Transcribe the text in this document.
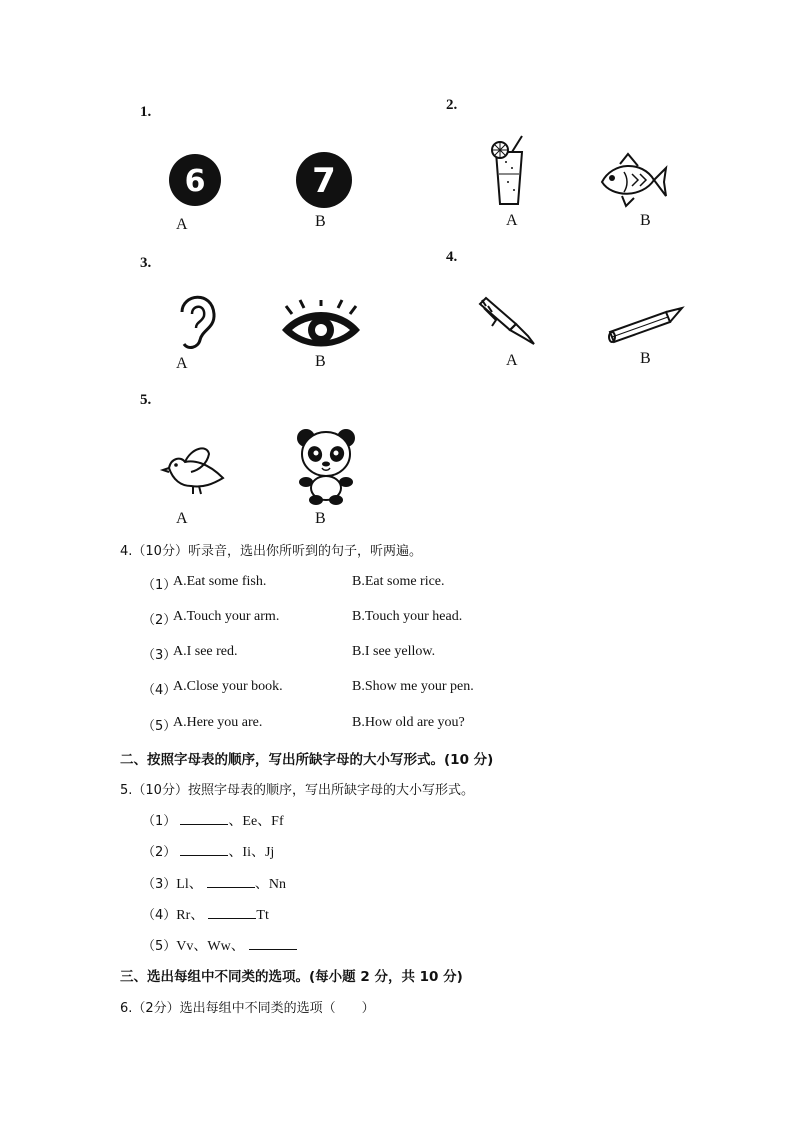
1.
6
A
7
B
2.
A	B
3.
A	B
4.
A	B
5.
A	B
4.（10分）听录音，选出你所听到的句子，听两遍。
（1）
A.Eat some fish.	B.Eat some rice.
（2）
A.Touch your arm.	B.Touch your head.
（3）
A.I see red.	B.I see yellow.
（4）
A.Close your book.	B.Show me your pen.
（5）
A.Here you are.	B.How old are you?
二、按照字母表的顺序，写出所缺字母的大小写形式。(10 分)
5.（10分）按照字母表的顺序，写出所缺字母的大小写形式。
（1）	、Ee、Ff
（2）	、Ii、Jj
（3）Ll、	、Nn
（4）Rr、	Tt
（5）Vv、Ww、
三、选出每组中不同类的选项。(每小题 2 分，共 10 分)
6.（2分）选出每组中不同类的选项（　　）
